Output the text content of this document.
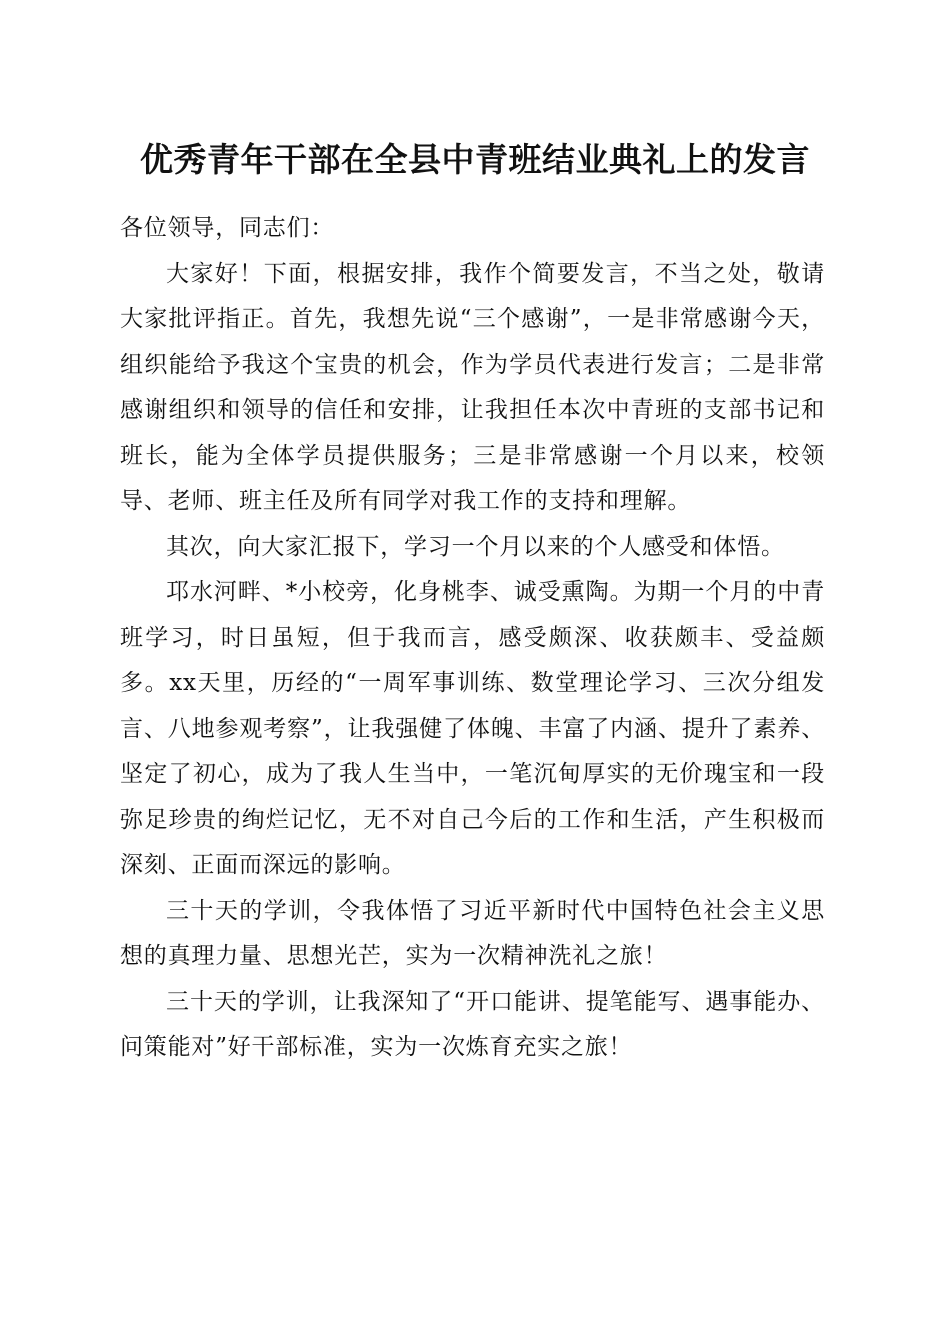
优秀青年干部在全县中青班结业典礼上的发言

各位领导，同志们：

大家好！下面，根据安排，我作个简要发言，不当之处，敬请大家批评指正。首先，我想先说“三个感谢”，一是非常感谢今天，组织能给予我这个宝贵的机会，作为学员代表进行发言；二是非常感谢组织和领导的信任和安排，让我担任本次中青班的支部书记和班长，能为全体学员提供服务；三是非常感谢一个月以来，校领导、老师、班主任及所有同学对我工作的支持和理解。

其次，向大家汇报下，学习一个月以来的个人感受和体悟。

邛水河畔、*小校旁，化身桃李、诚受熏陶。为期一个月的中青班学习，时日虽短，但于我而言，感受颇深、收获颇丰、受益颇多。xx天里，历经的“一周军事训练、数堂理论学习、三次分组发言、八地参观考察”，让我强健了体魄、丰富了内涵、提升了素养、坚定了初心，成为了我人生当中，一笔沉甸厚实的无价瑰宝和一段弥足珍贵的绚烂记忆，无不对自己今后的工作和生活，产生积极而深刻、正面而深远的影响。

三十天的学训，令我体悟了习近平新时代中国特色社会主义思想的真理力量、思想光芒，实为一次精神洗礼之旅！

三十天的学训，让我深知了“开口能讲、提笔能写、遇事能办、问策能对”好干部标准，实为一次炼育充实之旅！
